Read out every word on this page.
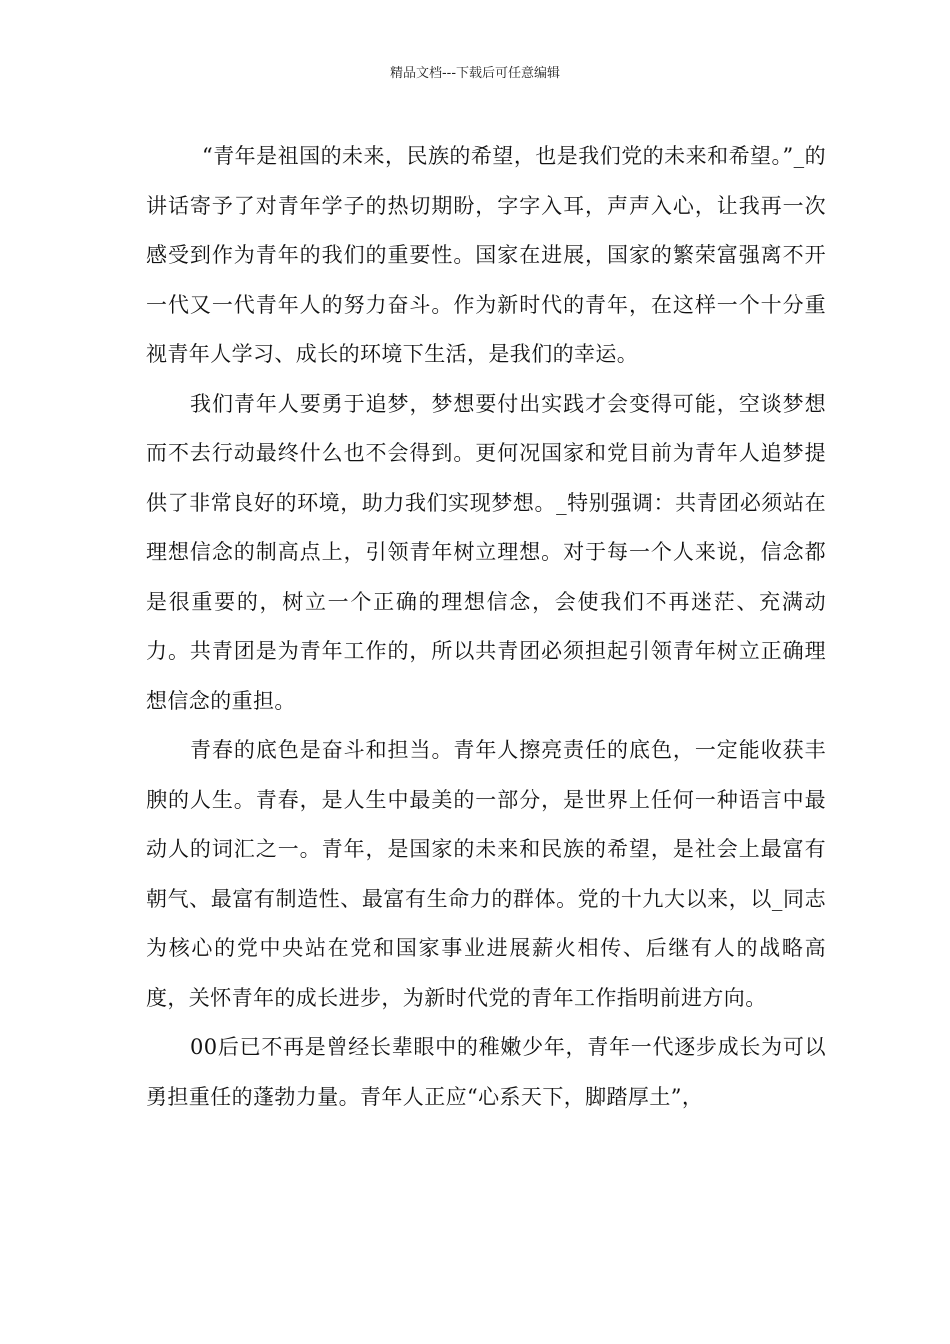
精品文档---下载后可任意编辑

“青年是祖国的未来，民族的希望，也是我们党的未来和希望。”_的讲话寄予了对青年学子的热切期盼，字字入耳，声声入心，让我再一次感受到作为青年的我们的重要性。国家在进展，国家的繁荣富强离不开一代又一代青年人的努力奋斗。作为新时代的青年，在这样一个十分重视青年人学习、成长的环境下生活，是我们的幸运。

我们青年人要勇于追梦，梦想要付出实践才会变得可能，空谈梦想而不去行动最终什么也不会得到。更何况国家和党目前为青年人追梦提供了非常良好的环境，助力我们实现梦想。_特别强调：共青团必须站在理想信念的制高点上，引领青年树立理想。对于每一个人来说，信念都是很重要的，树立一个正确的理想信念，会使我们不再迷茫、充满动力。共青团是为青年工作的，所以共青团必须担起引领青年树立正确理想信念的重担。

青春的底色是奋斗和担当。青年人擦亮责任的底色，一定能收获丰腴的人生。青春，是人生中最美的一部分，是世界上任何一种语言中最动人的词汇之一。青年，是国家的未来和民族的希望，是社会上最富有朝气、最富有制造性、最富有生命力的群体。党的十九大以来，以_同志为核心的党中央站在党和国家事业进展薪火相传、后继有人的战略高度，关怀青年的成长进步，为新时代党的青年工作指明前进方向。

00后已不再是曾经长辈眼中的稚嫩少年，青年一代逐步成长为可以勇担重任的蓬勃力量。青年人正应“心系天下，脚踏厚土”，
